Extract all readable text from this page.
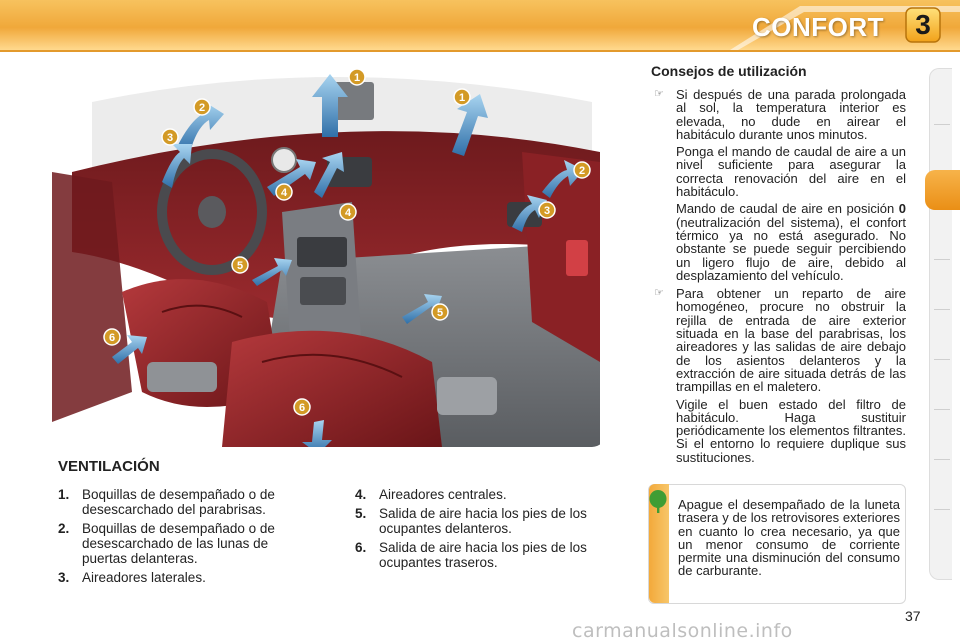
CONFORT	3
1
1
2
2
3
3
4
4
5
5
6
6
VENTILACIÓN
1. Boquillas de desempañado o de desescarchado del parabrisas.
2. Boquillas de desempañado o de desescarchado de las lunas de puertas delanteras.
3. Aireadores laterales.
4. Aireadores centrales.
5. Salida de aire hacia los pies de los ocupantes delanteros.
6. Salida de aire hacia los pies de los ocupantes traseros.
Consejos de utilización
☞ Si después de una parada prolongada al sol, la temperatura interior es elevada, no dude en airear el habitáculo durante unos minutos.
Ponga el mando de caudal de aire a un nivel suficiente para asegurar la correcta renovación del aire en el habitáculo.
Mando de caudal de aire en posición 0 (neutralización del sistema), el confort térmico ya no está asegurado. No obstante se puede seguir percibiendo un ligero flujo de aire, debido al desplazamiento del vehículo.
☞ Para obtener un reparto de aire homogéneo, procure no obstruir la rejilla de entrada de aire exterior situada en la base del parabrisas, los aireadores y las salidas de aire debajo de los asientos delanteros y la extracción de aire situada detrás de las trampillas en el maletero.
Vigile el buen estado del filtro de habitáculo. Haga sustituir periódicamente los elementos filtrantes. Si el entorno lo requiere duplique sus sustituciones.
Apague el desempañado de la luneta trasera y de los retrovisores exteriores en cuanto lo crea necesario, ya que un menor consumo de corriente permite una disminución del consumo de carburante.
37
carmanualsonline.info
